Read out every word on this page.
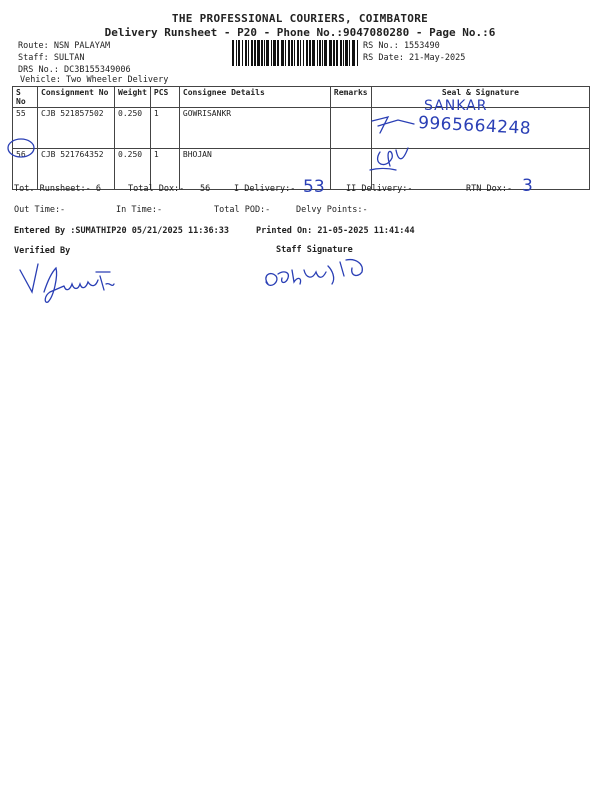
THE PROFESSIONAL COURIERS, COIMBATORE
Delivery Runsheet - P20 - Phone No.:9047080280 - Page No.:6
Route: NSN PALAYAM
Staff: SULTAN
DRS No.: DC3B155349006
Vehicle: Two Wheeler Delivery
RS No.: 1553490
RS Date: 21-May-2025
S No	Consignment No	Weight	PCS	Consignee Details	Remarks	Seal & Signature
55	CJB 521857502	0.250	1	GOWRISANKR		
56	CJB 521764352	0.250	1	BHOJAN		
SANKAR
9965664248
Tot. Runsheet:- 6	Total Dox:- 56	I Delivery:- 53	II Delivery:-	RTN Dox:- 3
Out Time:-	In Time:-	Total POD:-	Delvy Points:-
Entered By :SUMATHIP20 05/21/2025 11:36:33	Printed On: 21-05-2025 11:41:44
Verified By	Staff Signature
